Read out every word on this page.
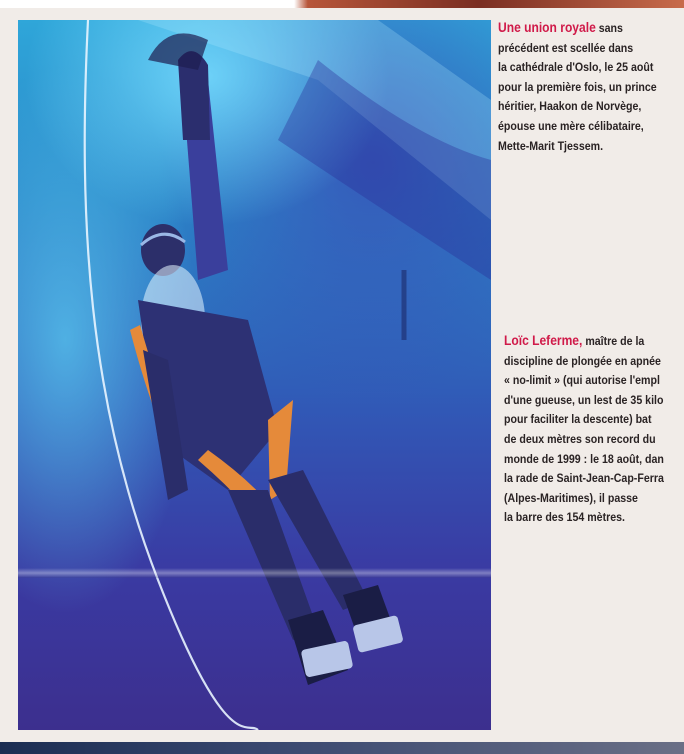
Une union royale sans
précédent est scellée dans
la cathédrale d'Oslo, le 25 août
pour la première fois, un prince
héritier, Haakon de Norvège,
épouse une mère célibataire,
Mette-Marit Tjessem.
Loïc Leferme, maître de la
discipline de plongée en apnée
« no-limit » (qui autorise l'empl
d'une gueuse, un lest de 35 kilo
pour faciliter la descente) bat
de deux mètres son record du
monde de 1999 : le 18 août, dan
la rade de Saint-Jean-Cap-Ferra
(Alpes-Maritimes), il passe
la barre des 154 mètres.
